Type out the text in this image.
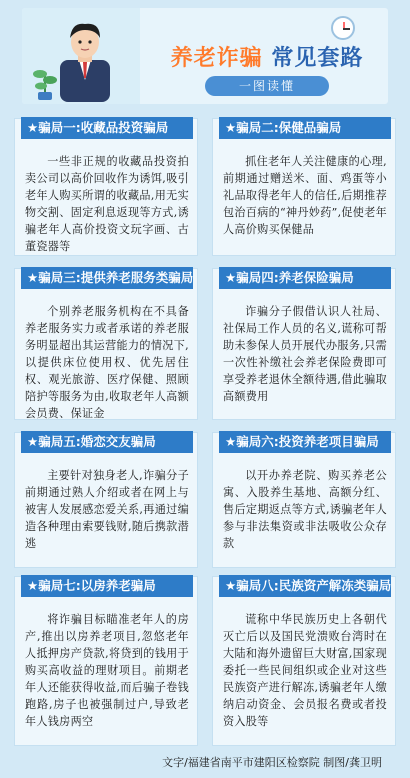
养老诈骗 常见套路
一图读懂
★骗局一:收藏品投资骗局
一些非正规的收藏品投资拍卖公司以高价回收作为诱饵,吸引老年人购买所谓的收藏品,用无实物交割、固定利息返现等方式,诱骗老年人高价投资文玩字画、古董瓷器等
★骗局二:保健品骗局
抓住老年人关注健康的心理,前期通过赠送米、面、鸡蛋等小礼品取得老年人的信任,后期推荐包治百病的“神丹妙药”,促使老年人高价购买保健品
★骗局三:提供养老服务类骗局
个别养老服务机构在不具备养老服务实力或者承诺的养老服务明显超出其运营能力的情况下,以提供床位使用权、优先居住权、观光旅游、医疗保健、照顾陪护等服务为由,收取老年人高额会员费、保证金
★骗局四:养老保险骗局
诈骗分子假借认识人社局、社保局工作人员的名义,谎称可帮助未参保人员开展代办服务,只需一次性补缴社会养老保险费即可享受养老退休全额待遇,借此骗取高额费用
★骗局五:婚恋交友骗局
主要针对独身老人,诈骗分子前期通过熟人介绍或者在网上与被害人发展感恋爱关系,再通过编造各种理由索要钱财,随后携款潜逃
★骗局六:投资养老项目骗局
以开办养老院、购买养老公寓、入股养生基地、高额分红、售后定期返点等方式,诱骗老年人参与非法集资或非法吸收公众存款
★骗局七:以房养老骗局
将诈骗目标瞄准老年人的房产,推出以房养老项目,忽悠老年人抵押房产贷款,将贷到的钱用于购买高收益的理财项目。前期老年人还能获得收益,而后骗子卷钱跑路,房子也被强制过户,导致老年人钱房两空
★骗局八:民族资产解冻类骗局
谎称中华民族历史上各朝代灭亡后以及国民党溃败台湾时在大陆和海外遗留巨大财富,国家现委托一些民间组织或企业对这些民族资产进行解冻,诱骗老年人缴纳启动资金、会员报名费或者投资入股等
文字/福建省南平市建阳区检察院 制图/龚卫明
